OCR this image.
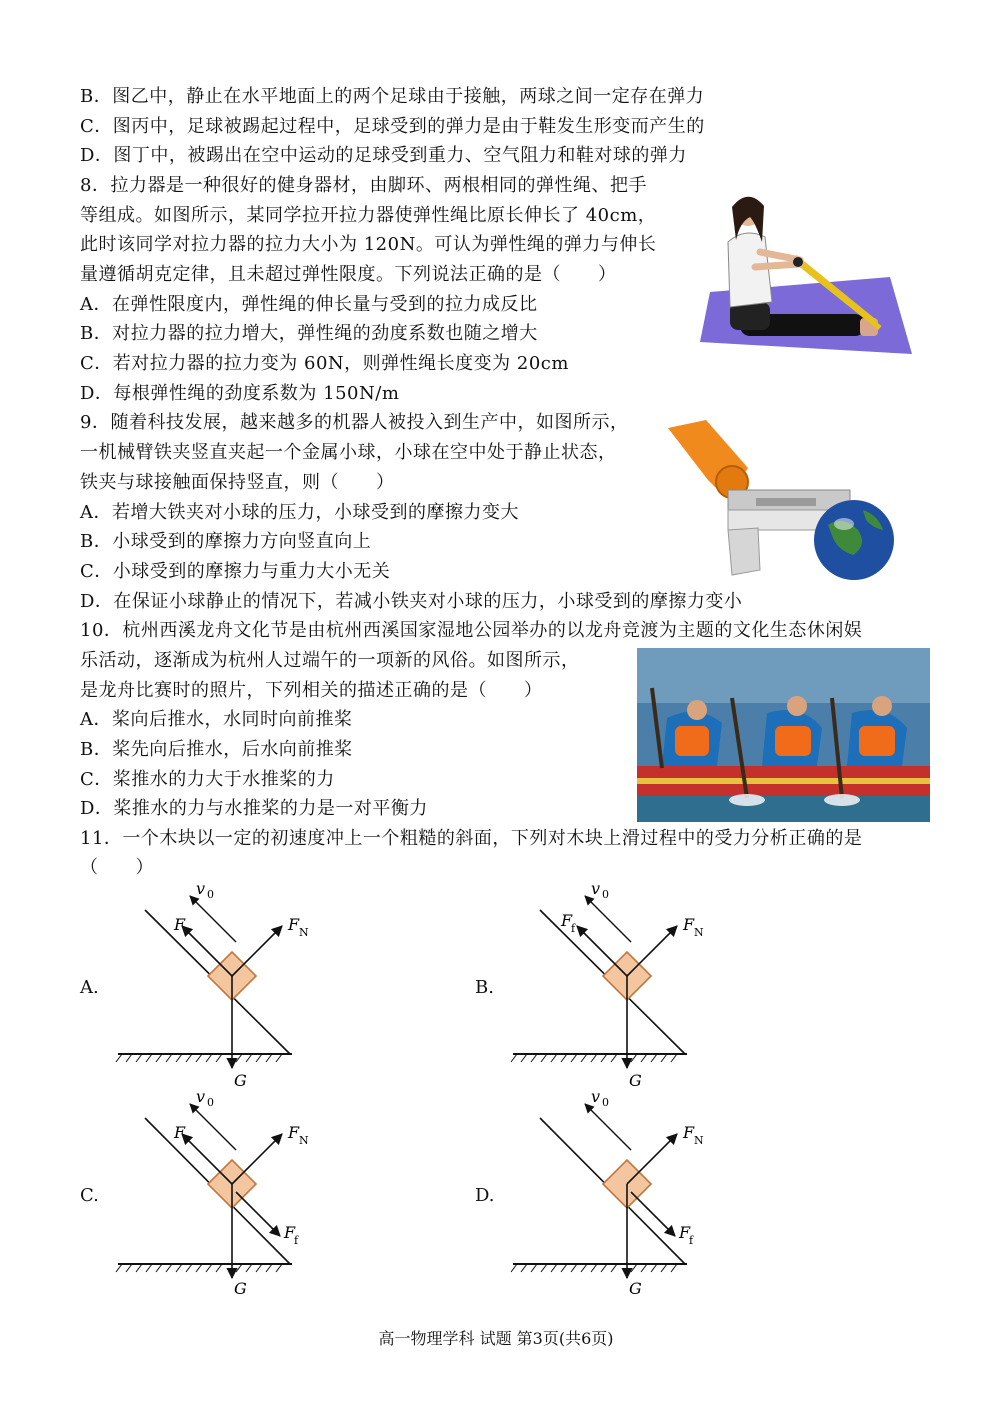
B．图乙中，静止在水平地面上的两个足球由于接触，两球之间一定存在弹力
C．图丙中，足球被踢起过程中，足球受到的弹力是由于鞋发生形变而产生的
D．图丁中，被踢出在空中运动的足球受到重力、空气阻力和鞋对球的弹力
8．拉力器是一种很好的健身器材，由脚环、两根相同的弹性绳、把手
等组成。如图所示，某同学拉开拉力器使弹性绳比原长伸长了 40cm，
此时该同学对拉力器的拉力大小为 120N。可认为弹性绳的弹力与伸长
量遵循胡克定律，且未超过弹性限度。下列说法正确的是（　　）
A．在弹性限度内，弹性绳的伸长量与受到的拉力成反比
B．对拉力器的拉力增大，弹性绳的劲度系数也随之增大
C．若对拉力器的拉力变为 60N，则弹性绳长度变为 20cm
D．每根弹性绳的劲度系数为 150N/m
9．随着科技发展，越来越多的机器人被投入到生产中，如图所示，
一机械臂铁夹竖直夹起一个金属小球，小球在空中处于静止状态，
铁夹与球接触面保持竖直，则（　　）
A．若增大铁夹对小球的压力，小球受到的摩擦力变大
B．小球受到的摩擦力方向竖直向上
C．小球受到的摩擦力与重力大小无关
D．在保证小球静止的情况下，若减小铁夹对小球的压力，小球受到的摩擦力变小
10．杭州西溪龙舟文化节是由杭州西溪国家湿地公园举办的以龙舟竞渡为主题的文化生态休闲娱
乐活动，逐渐成为杭州人过端午的一项新的风俗。如图所示，
是龙舟比赛时的照片，下列相关的描述正确的是（　　）
A．桨向后推水，水同时向前推桨
B．桨先向后推水，后水向前推桨
C．桨推水的力大于水推桨的力
D．桨推水的力与水推桨的力是一对平衡力
11．一个木块以一定的初速度冲上一个粗糙的斜面，下列对木块上滑过程中的受力分析正确的是
（　　）
A.	B.
C.	D.
v 0
F	F N
G
v 0
F
f	F N
G
v 0
F	F N
F
f
G
v 0
F N
F
f
G
高一物理学科 试题 第3页(共6页)
